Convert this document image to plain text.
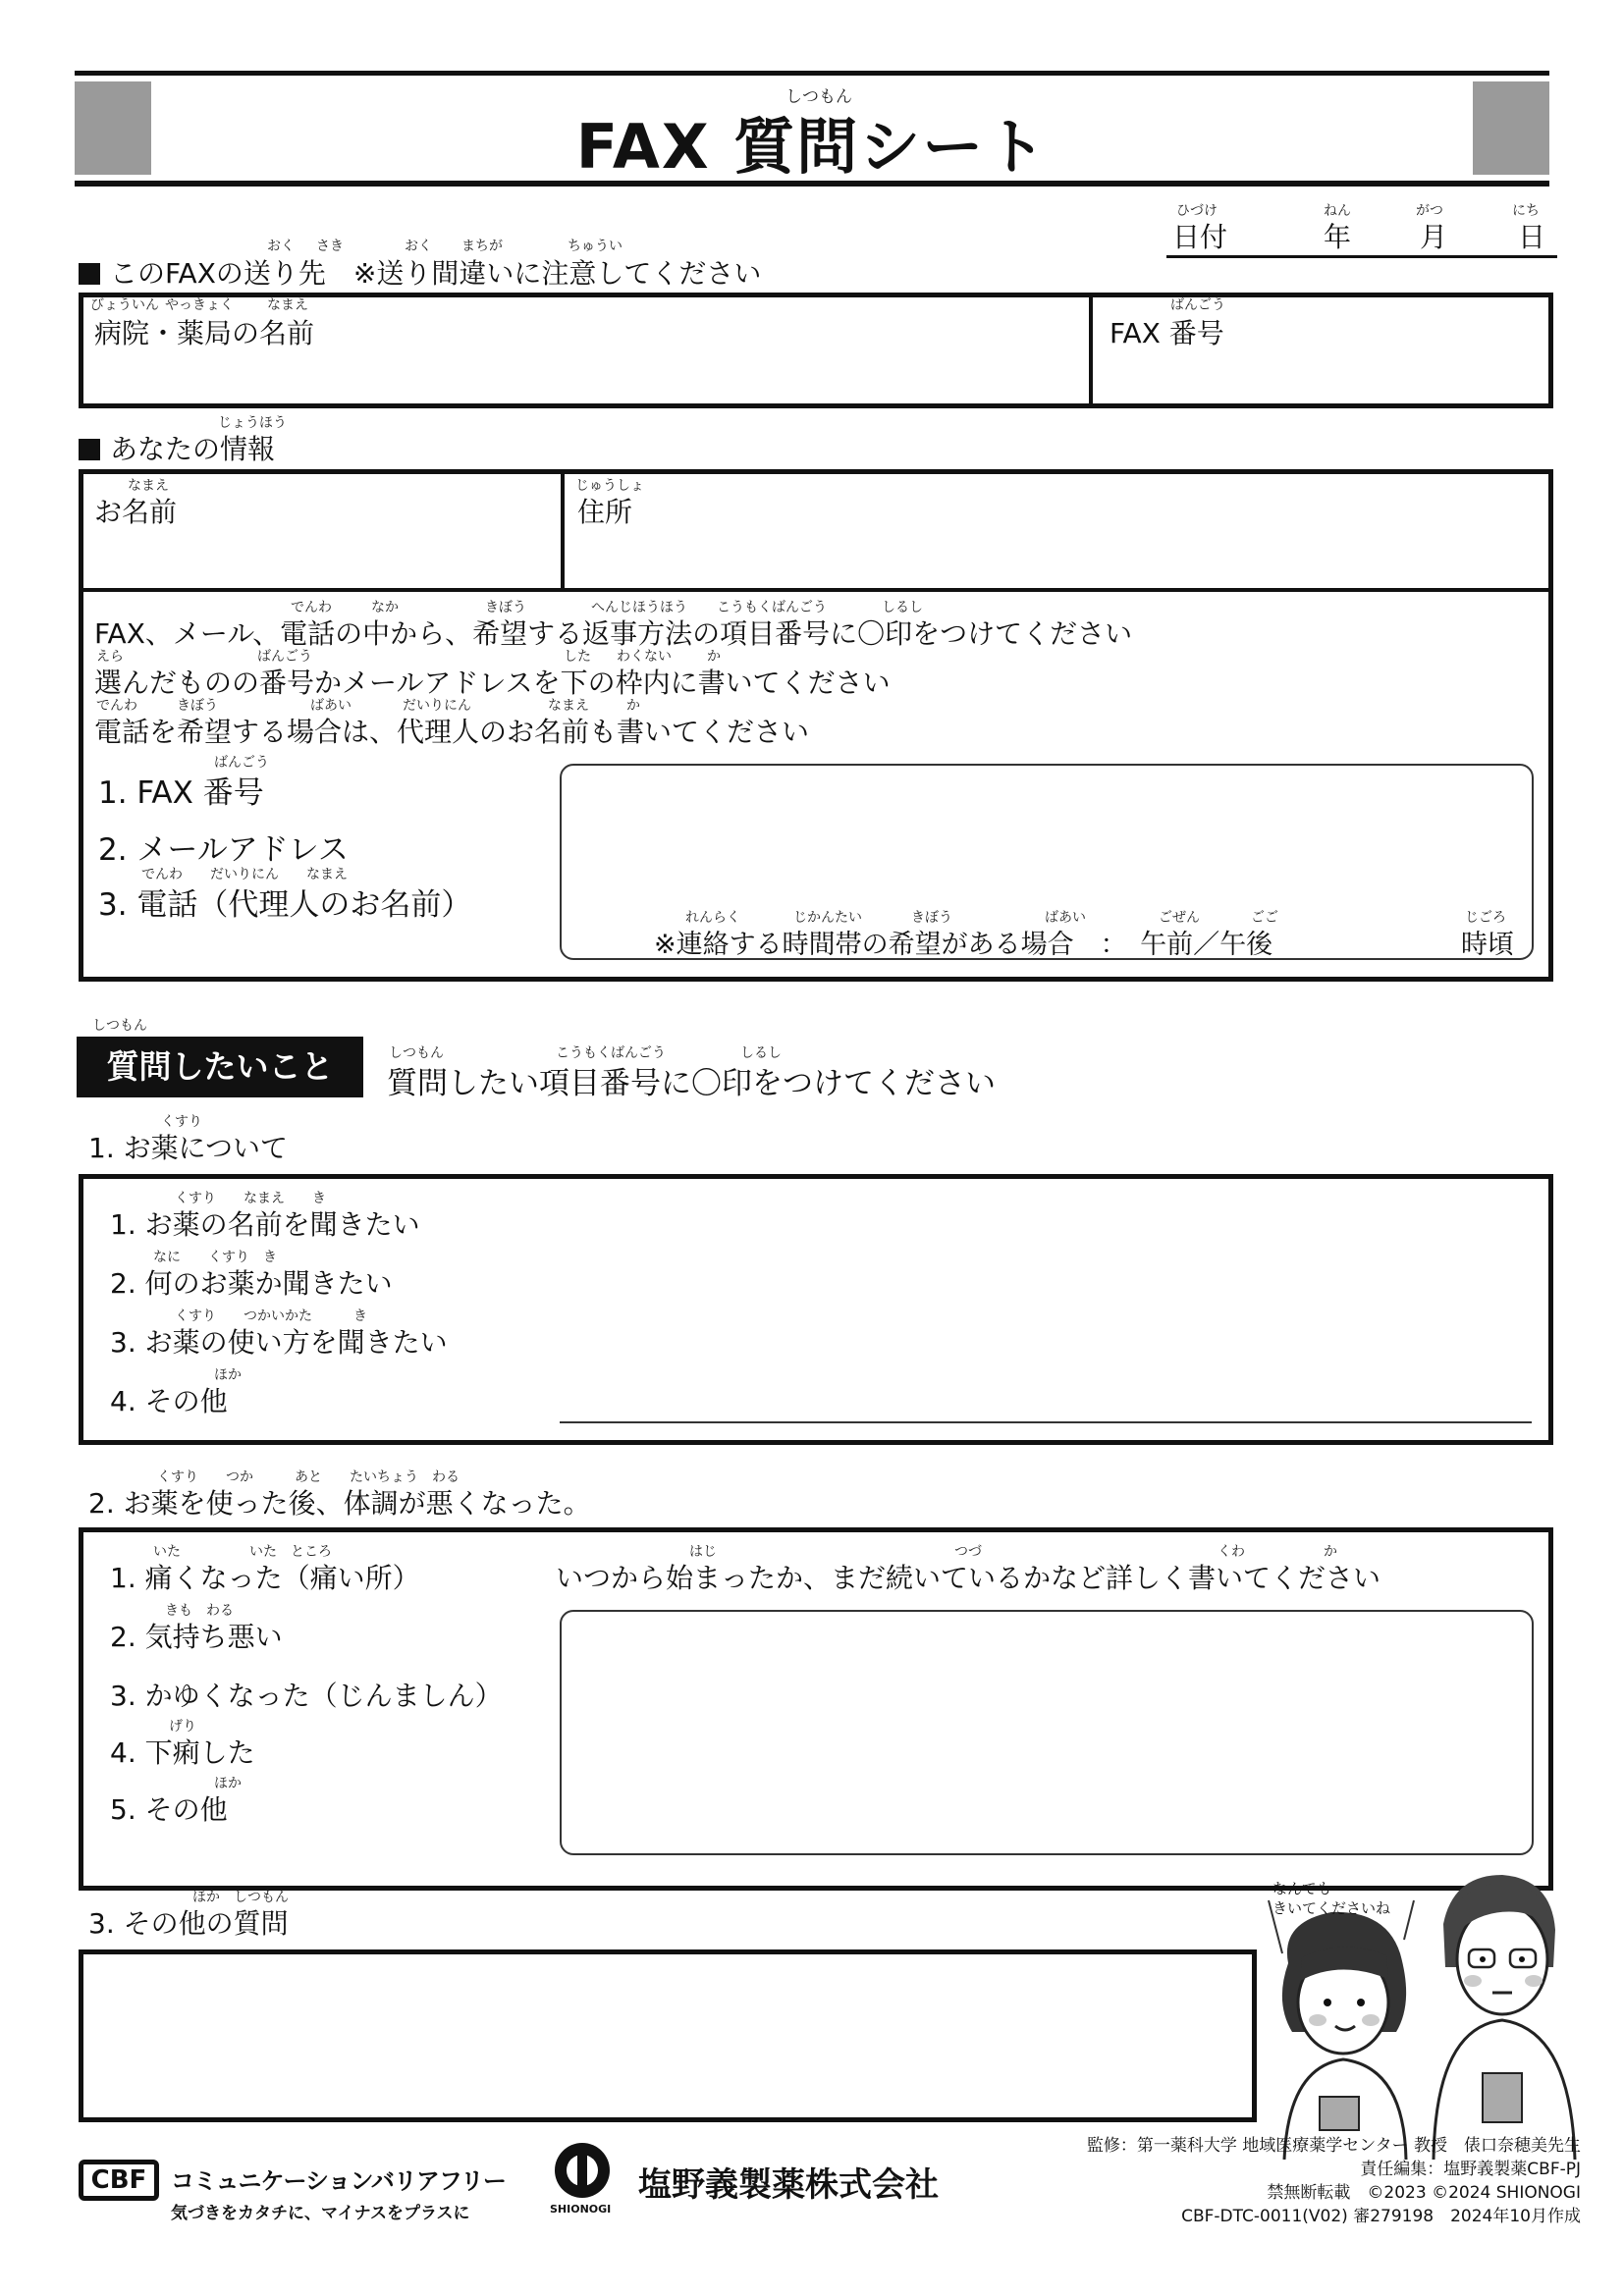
しつもん
FAX 質問シート
ひづけ
日付
ねん
年
がつ
月
にち
日
おく さき	おく まちが	ちゅうい
このFAXの送り先　※送り間違いに注意してください
びょういん やっきょく なまえ
病院・薬局の名前
ばんごう
FAX 番号
じょうほう
あなたの情報
なまえ
お名前
じゅうしょ
住所
でんわ	なか	きぼう	へんじほうほう こうもくばんごう	しるし
FAX、メール、電話の中から、希望する返事方法の項目番号に〇印をつけてください
えら	ばんごう	した わくない	か
選んだものの番号かメールアドレスを下の枠内に書いてください
でんわ	きぼう	ばあい	だいりにん	なまえ	か
電話を希望する場合は、代理人のお名前も書いてください
ばんごう
1. FAX 番号
2. メールアドレス
でんわ　　だいりにん　　なまえ
3. 電話（代理人のお名前）	れんらく	じかんたい	きぼう	ばあい	ごぜん	ごご
※連絡する時間帯の希望がある場合　：　午前／午後
じごろ
時頃
しつもん
質問したいこと	しつもん	こうもくばんごう	しるし
質問したい項目番号に〇印をつけてください
くすり
1. お薬について
くすり　　なまえ　　き
1. お薬の名前を聞きたい
なに　　くすり　き
2. 何のお薬か聞きたい
くすり　　つかいかた　　　き
3. お薬の使い方を聞きたい
ほか
4. その他
くすり　　つか　　　あと　　たいちょう　わる
2. お薬を使った後、体調が悪くなった。
いた　　　　　いた　ところ
1. 痛くなった（痛い所）
きも　わる
2. 気持ち悪い
3. かゆくなった（じんましん）
げり
4. 下痢した
ほか
5. その他
はじ	つづ	くわ	か
いつから始まったか、まだ続いているかなど詳しく書いてください
ほか　しつもん
3. その他の質問
なんでも
きいてくださいね
CBF	コミュニケーションバリアフリー
気づきをカタチに、マイナスをプラスに	SHIONOGI
塩野義製薬株式会社
監修：第一薬科大学 地域医療薬学センター 教授　俵口奈穂美先生
責任編集：塩野義製薬CBF-PJ
禁無断転載　©2023 ©2024 SHIONOGI
CBF-DTC-0011(V02) 審279198　2024年10月作成
